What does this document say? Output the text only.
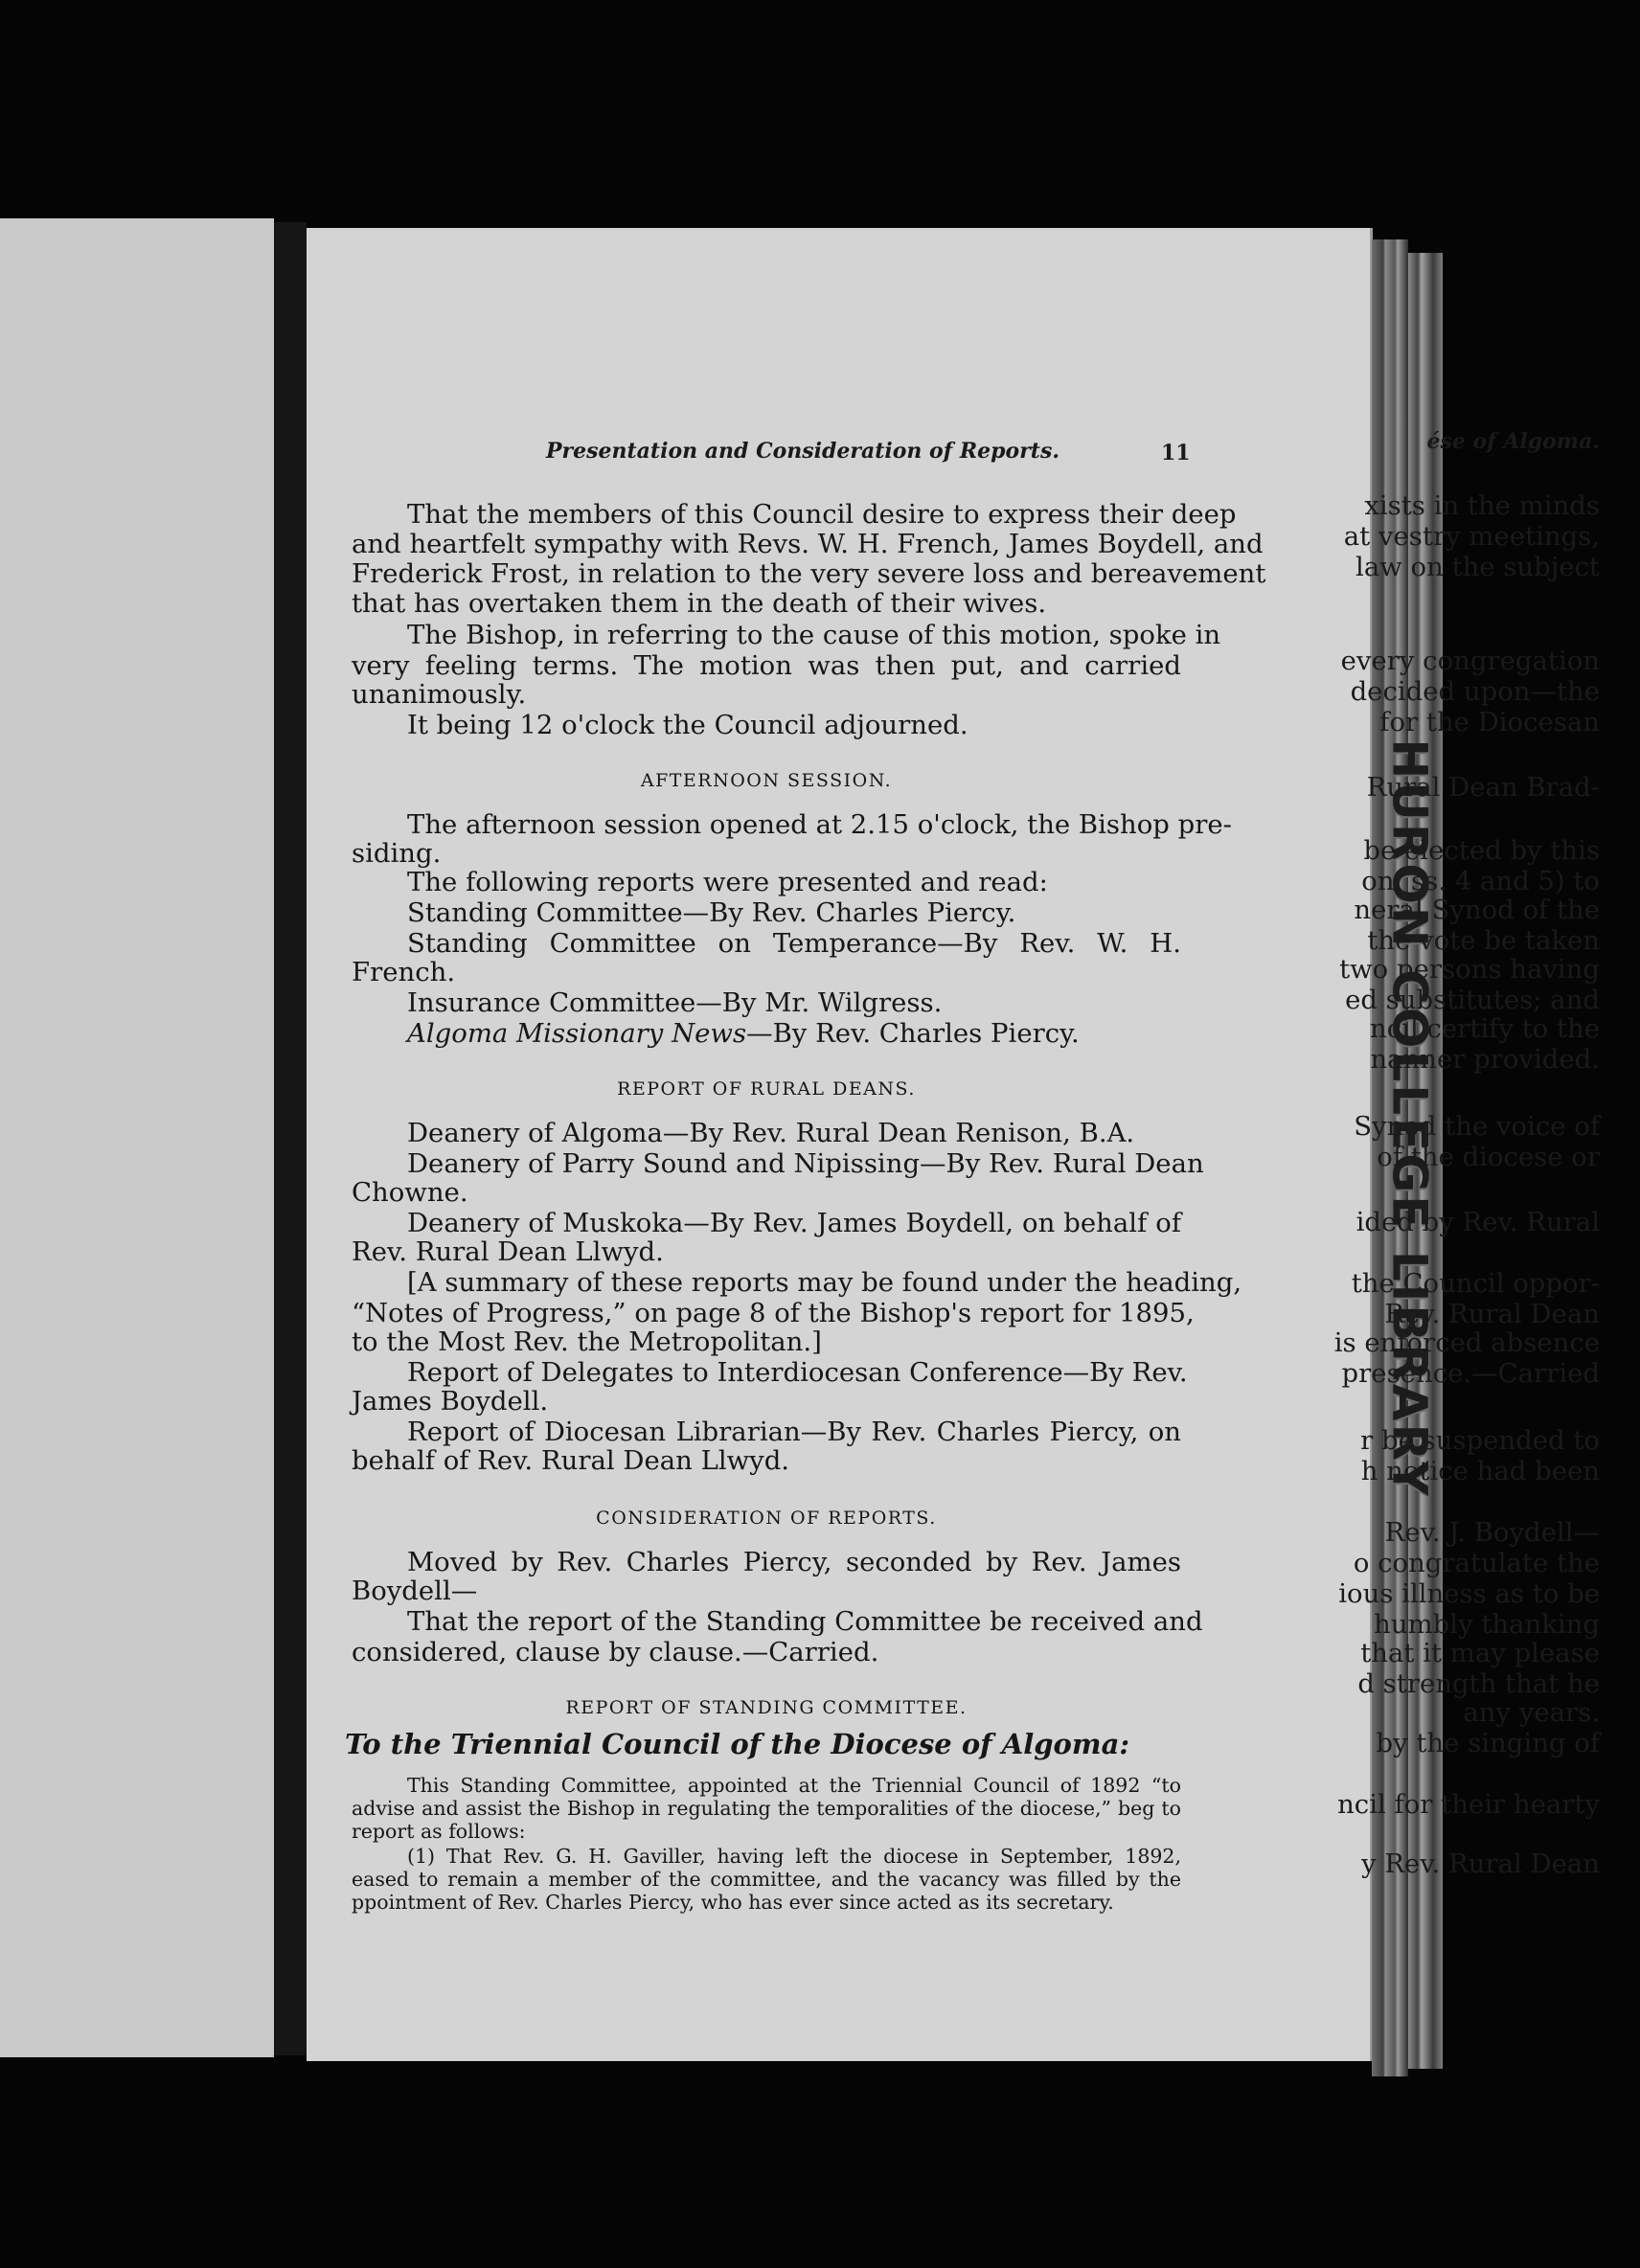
HURON COLLEGE LIBRARY
ése of Algoma.
xists in the minds
at vestry meetings,
law on the subject
every congregation
decided upon—the
for the Diocesan
Rural Dean Brad-
be elected by this
on, ss. 4 and 5) to
neral Synod of the
the vote be taken
two persons having
ed substitutes; and
ncil certify to the
nanner provided.
Synod the voice of
of the diocese or
ided by Rev. Rural
the Council oppor-
Rev. Rural Dean
is enforced absence
presence.—Carried
r be suspended to
h notice had been
Rev. J. Boydell—
o congratulate the
ious illness as to be
humbly thanking
that it may please
d strength that he
any years.
by the singing of
ncil for their hearty
y Rev. Rural Dean
Presentation and Consideration of Reports.	11
That the members of this Council desire to express their deep
and heartfelt sympathy with Revs. W. H. French, James Boydell, and
Frederick Frost, in relation to the very severe loss and bereavement
that has overtaken them in the death of their wives.
The Bishop, in referring to the cause of this motion, spoke in
very feeling terms. The motion was then put, and carried
unanimously.
It being 12 o'clock the Council adjourned.
AFTERNOON SESSION.
The afternoon session opened at 2.15 o'clock, the Bishop pre-
siding.
The following reports were presented and read:
Standing Committee—By Rev. Charles Piercy.
Standing Committee on Temperance—By Rev. W. H.
French.
Insurance Committee—By Mr. Wilgress.
Algoma Missionary News—By Rev. Charles Piercy.
REPORT OF RURAL DEANS.
Deanery of Algoma—By Rev. Rural Dean Renison, B.A.
Deanery of Parry Sound and Nipissing—By Rev. Rural Dean
Chowne.
Deanery of Muskoka—By Rev. James Boydell, on behalf of
Rev. Rural Dean Llwyd.
[A summary of these reports may be found under the heading,
“Notes of Progress,” on page 8 of the Bishop's report for 1895,
to the Most Rev. the Metropolitan.]
Report of Delegates to Interdiocesan Conference—By Rev.
James Boydell.
Report of Diocesan Librarian—By Rev. Charles Piercy, on
behalf of Rev. Rural Dean Llwyd.
CONSIDERATION OF REPORTS.
Moved by Rev. Charles Piercy, seconded by Rev. James
Boydell—
That the report of the Standing Committee be received and
considered, clause by clause.—Carried.
REPORT OF STANDING COMMITTEE.
To the Triennial Council of the Diocese of Algoma:
This Standing Committee, appointed at the Triennial Council of 1892 “to
advise and assist the Bishop in regulating the temporalities of the diocese,” beg to
report as follows:
(1) That Rev. G. H. Gaviller, having left the diocese in September, 1892,
eased to remain a member of the committee, and the vacancy was filled by the
ppointment of Rev. Charles Piercy, who has ever since acted as its secretary.
